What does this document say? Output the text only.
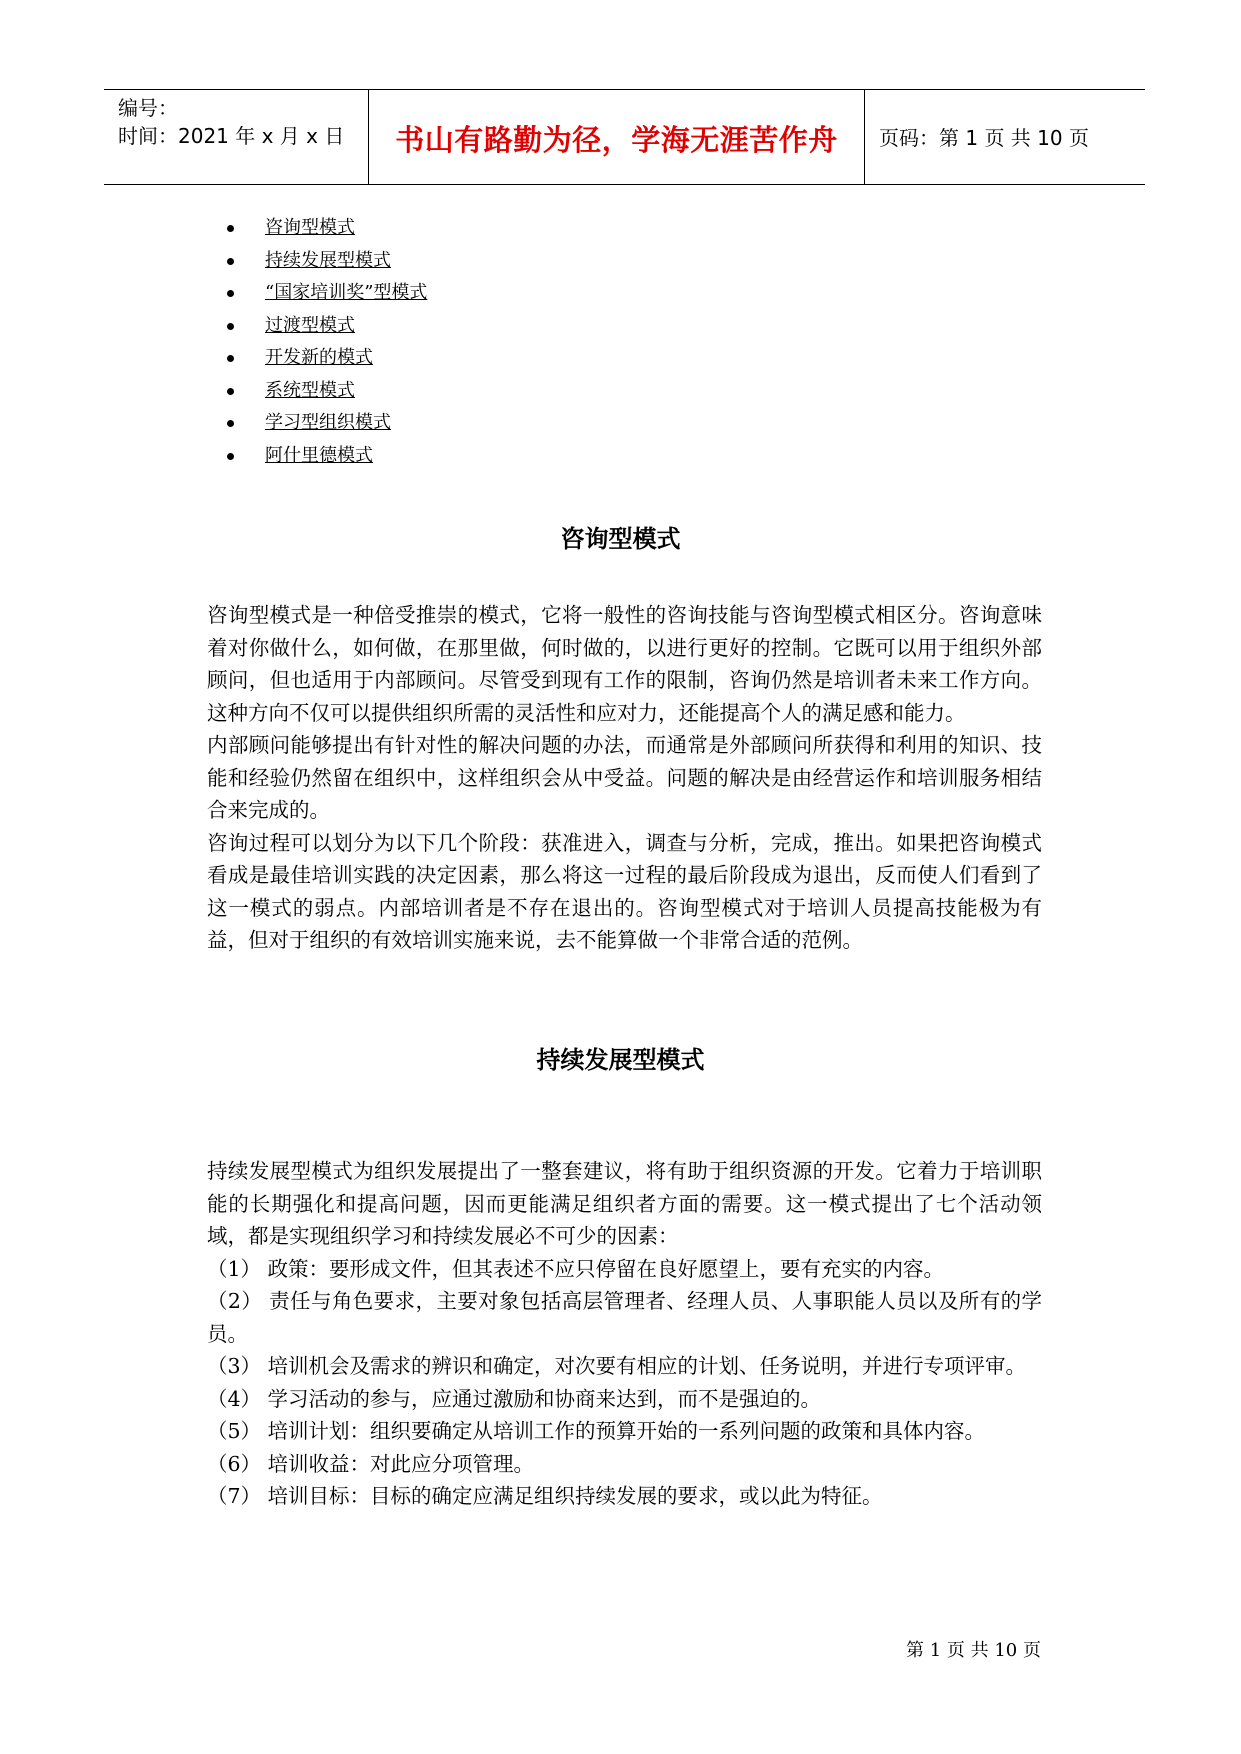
编号：
时间：2021 年 x 月 x 日	书山有路勤为径，学海无涯苦作舟	页码：第 1 页 共 10 页
咨询型模式
持续发展型模式
“国家培训奖”型模式
过渡型模式
开发新的模式
系统型模式
学习型组织模式
阿什里德模式
咨询型模式

咨询型模式是一种倍受推崇的模式，它将一般性的咨询技能与咨询型模式相区分。咨询意味着对你做什么，如何做，在那里做，何时做的，以进行更好的控制。它既可以用于组织外部顾问，但也适用于内部顾问。尽管受到现有工作的限制，咨询仍然是培训者未来工作方向。这种方向不仅可以提供组织所需的灵活性和应对力，还能提高个人的满足感和能力。

内部顾问能够提出有针对性的解决问题的办法，而通常是外部顾问所获得和利用的知识、技能和经验仍然留在组织中，这样组织会从中受益。问题的解决是由经营运作和培训服务相结合来完成的。

咨询过程可以划分为以下几个阶段：获准进入，调查与分析，完成，推出。如果把咨询模式看成是最佳培训实践的决定因素，那么将这一过程的最后阶段成为退出，反而使人们看到了这一模式的弱点。内部培训者是不存在退出的。咨询型模式对于培训人员提高技能极为有益，但对于组织的有效培训实施来说，去不能算做一个非常合适的范例。

持续发展型模式

持续发展型模式为组织发展提出了一整套建议，将有助于组织资源的开发。它着力于培训职能的长期强化和提高问题，因而更能满足组织者方面的需要。这一模式提出了七个活动领域，都是实现组织学习和持续发展必不可少的因素：

（1） 政策：要形成文件，但其表述不应只停留在良好愿望上，要有充实的内容。

（2） 责任与角色要求，主要对象包括高层管理者、经理人员、人事职能人员以及所有的学员。

（3） 培训机会及需求的辨识和确定，对次要有相应的计划、任务说明，并进行专项评审。

（4） 学习活动的参与，应通过激励和协商来达到，而不是强迫的。

（5） 培训计划：组织要确定从培训工作的预算开始的一系列问题的政策和具体内容。

（6） 培训收益：对此应分项管理。

（7） 培训目标：目标的确定应满足组织持续发展的要求，或以此为特征。

第 1 页 共 10 页
